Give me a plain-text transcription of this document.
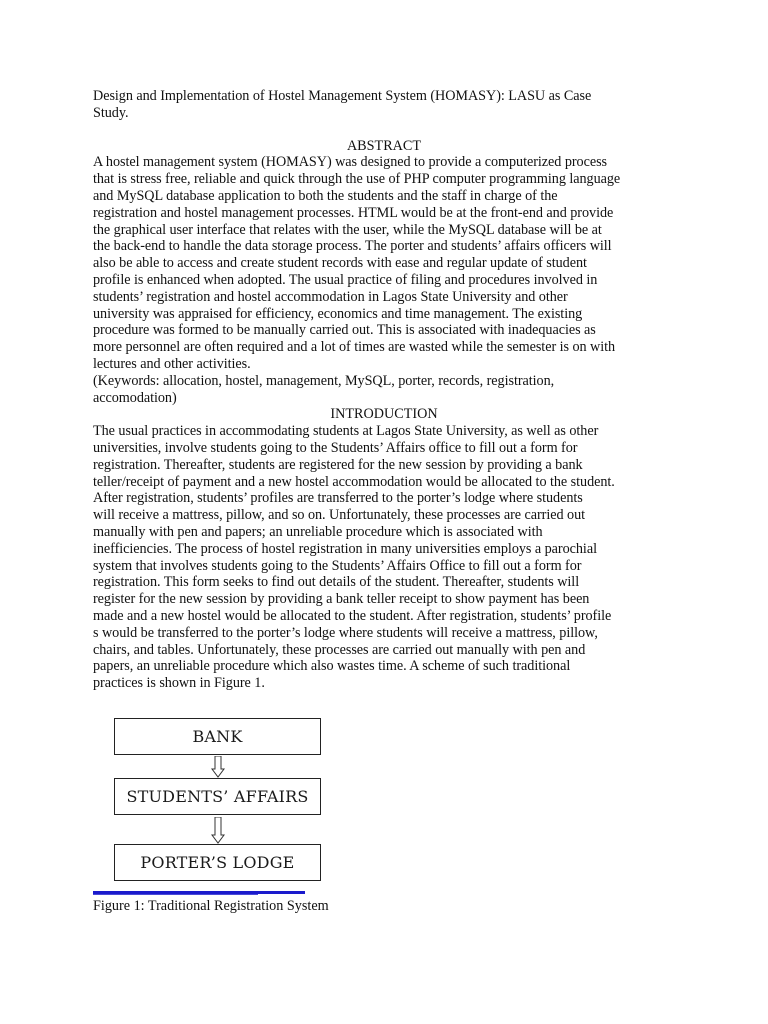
Design and Implementation of Hostel Management System (HOMASY): LASU as Case
Study.

ABSTRACT

A hostel management system (HOMASY) was designed to provide a computerized process
that is stress free, reliable and quick through the use of PHP computer programming language
and MySQL database application to both the students and the staff in charge of the
registration and hostel management processes. HTML would be at the front-end and provide
the graphical user interface that relates with the user, while the MySQL database will be at
the back-end to handle the data storage process. The porter and students’ affairs officers will
also be able to access and create student records with ease and regular update of student
profile is enhanced when adopted. The usual practice of filing and procedures involved in
students’ registration and hostel accommodation in Lagos State University and other
university was appraised for efficiency, economics and time management. The existing
procedure was formed to be manually carried out. This is associated with inadequacies as
more personnel are often required and a lot of times are wasted while the semester is on with
lectures and other activities.

(Keywords: allocation, hostel, management, MySQL, porter, records, registration,
accomodation)

INTRODUCTION

The usual practices in accommodating students at Lagos State University, as well as other
universities, involve students going to the Students’ Affairs office to fill out a form for
registration. Thereafter, students are registered for the new session by providing a bank
teller/receipt of payment and a new hostel accommodation would be allocated to the student.
After registration, students’ profiles are transferred to the porter’s lodge where students
will receive a mattress, pillow, and so on. Unfortunately, these processes are carried out
manually with pen and papers; an unreliable procedure which is associated with
inefficiencies. The process of hostel registration in many universities employs a parochial
system that involves students going to the Students’ Affairs Office to fill out a form for
registration. This form seeks to find out details of the student. Thereafter, students will
register for the new session by providing a bank teller receipt to show payment has been
made and a new hostel would be allocated to the student. After registration, students’ profile
s would be transferred to the porter’s lodge where students will receive a mattress, pillow,
chairs, and tables. Unfortunately, these processes are carried out manually with pen and
papers, an unreliable procedure which also wastes time. A scheme of such traditional
practices is shown in Figure 1.

BANK
STUDENTS’ AFFAIRS
PORTER’S LODGE
Figure 1: Traditional Registration System
